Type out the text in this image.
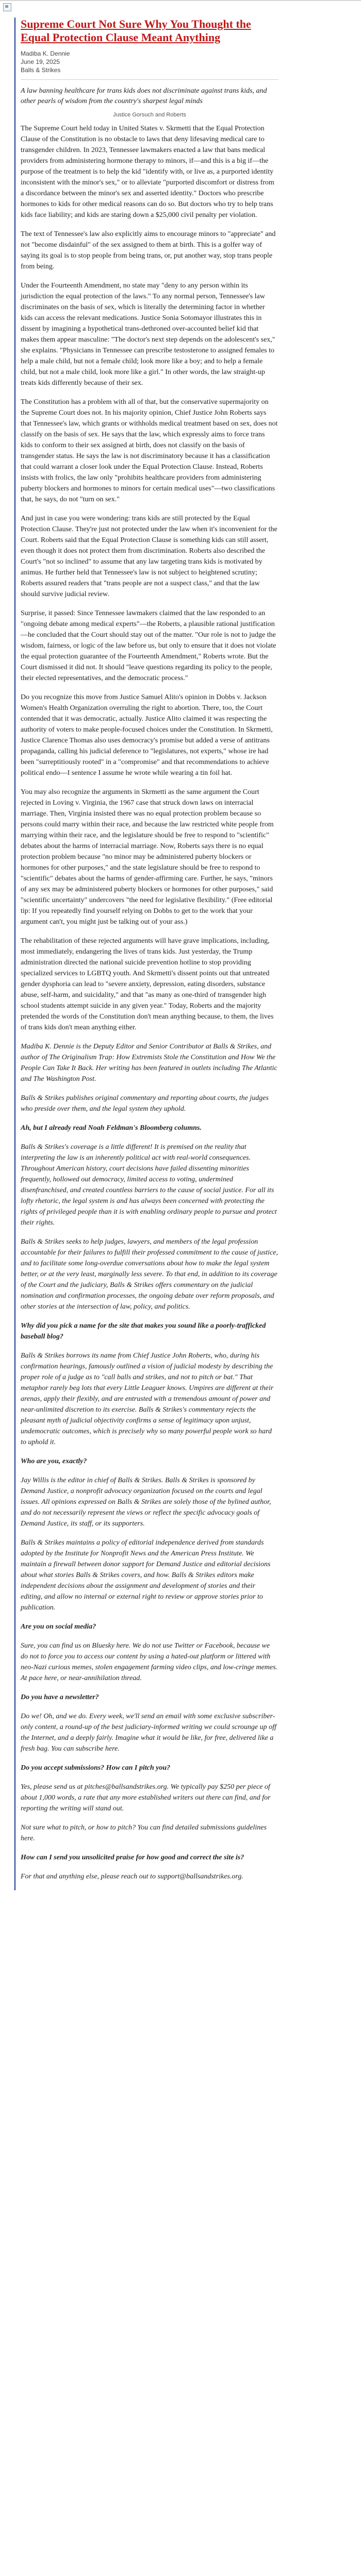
Supreme Court Not Sure Why You Thought the Equal Protection Clause Meant Anything
Madiba K. Dennie
June 19, 2025
Balls & Strikes

A law banning healthcare for trans kids does not discriminate against trans kids, and other pearls of wisdom from the country's sharpest legal minds

Justice Gorsuch and Roberts

The Supreme Court held today in United States v. Skrmetti that the Equal Protection Clause of the Constitution is no obstacle to laws that deny lifesaving medical care to transgender children. In 2023, Tennessee lawmakers enacted a law that bans medical providers from administering hormone therapy to minors, if—and this is a big if—the purpose of the treatment is to help the kid "identify with, or live as, a purported identity inconsistent with the minor's sex," or to alleviate "purported discomfort or distress from a discordance between the minor's sex and asserted identity." Doctors who prescribe hormones to kids for other medical reasons can do so. But doctors who try to help trans kids face liability; and kids are staring down a $25,000 civil penalty per violation.

The text of Tennessee's law also explicitly aims to encourage minors to "appreciate" and not "become disdainful" of the sex assigned to them at birth. This is a golfer way of saying its goal is to stop people from being trans, or, put another way, stop trans people from being.

Under the Fourteenth Amendment, no state may "deny to any person within its jurisdiction the equal protection of the laws." To any normal person, Tennessee's law discriminates on the basis of sex, which is literally the determining factor in whether kids can access the relevant medications. Justice Sonia Sotomayor illustrates this in dissent by imagining a hypothetical trans-dethroned over-accounted belief kid that makes them appear masculine: "The doctor's next step depends on the adolescent's sex," she explains. "Physicians in Tennessee can prescribe testosterone to assigned females to help a male child, but not a female child; look more like a boy; and to help a female child, but not a male child, look more like a girl." In other words, the law straight-up treats kids differently because of their sex.

The Constitution has a problem with all of that, but the conservative supermajority on the Supreme Court does not. In his majority opinion, Chief Justice John Roberts says that Tennessee's law, which grants or withholds medical treatment based on sex, does not classify on the basis of sex. He says that the law, which expressly aims to force trans kids to conform to their sex assigned at birth, does not classify on the basis of transgender status. He says the law is not discriminatory because it has a classification that could warrant a closer look under the Equal Protection Clause. Instead, Roberts insists with frolics, the law only "prohibits healthcare providers from administering puberty blockers and hormones to minors for certain medical uses"—two classifications that, he says, do not "turn on sex."

And just in case you were wondering: trans kids are still protected by the Equal Protection Clause. They're just not protected under the law when it's inconvenient for the Court. Roberts said that the Equal Protection Clause is something kids can still assert, even though it does not protect them from discrimination. Roberts also described the Court's "not so inclined" to assume that any law targeting trans kids is motivated by animus. He further held that Tennessee's law is not subject to heightened scrutiny; Roberts assured readers that "trans people are not a suspect class," and that the law should survive judicial review.

Surprise, it passed: Since Tennessee lawmakers claimed that the law responded to an "ongoing debate among medical experts"—the Roberts, a plausible rational justification—he concluded that the Court should stay out of the matter. "Our role is not to judge the wisdom, fairness, or logic of the law before us, but only to ensure that it does not violate the equal protection guarantee of the Fourteenth Amendment," Roberts wrote. But the Court dismissed it did not. It should "leave questions regarding its policy to the people, their elected representatives, and the democratic process."

Do you recognize this move from Justice Samuel Alito's opinion in Dobbs v. Jackson Women's Health Organization overruling the right to abortion. There, too, the Court contended that it was democratic, actually. Justice Alito claimed it was respecting the authority of voters to make people-focused choices under the Constitution. In Skrmetti, Justice Clarence Thomas also uses democracy's promise but added a verse of antitrans propaganda, calling his judicial deference to "legislatures, not experts," whose ire had been "surreptitiously rooted" in a "compromise" and that recommendations to achieve political endo—I sentence I assume he wrote while wearing a tin foil hat.

You may also recognize the arguments in Skrmetti as the same argument the Court rejected in Loving v. Virginia, the 1967 case that struck down laws on interracial marriage. Then, Virginia insisted there was no equal protection problem because so persons could marry within their race, and because the law restricted white people from marrying within their race, and the legislature should be free to respond to "scientific" debates about the harms of interracial marriage. Now, Roberts says there is no equal protection problem because "no minor may be administered puberty blockers or hormones for other purposes," and the state legislature should be free to respond to "scientific" debates about the harms of gender-affirming care. Further, he says, "minors of any sex may be administered puberty blockers or hormones for other purposes," said "scientific uncertainty" undercovers "the need for legislative flexibility." (Free editorial tip: If you repeatedly find yourself relying on Dobbs to get to the work that your argument can't, you might just be talking out of your ass.)

The rehabilitation of these rejected arguments will have grave implications, including, most immediately, endangering the lives of trans kids. Just yesterday, the Trump administration directed the national suicide prevention hotline to stop providing specialized services to LGBTQ youth. And Skrmetti's dissent points out that untreated gender dysphoria can lead to "severe anxiety, depression, eating disorders, substance abuse, self-harm, and suicidality," and that "as many as one-third of transgender high school students attempt suicide in any given year." Today, Roberts and the majority pretended the words of the Constitution don't mean anything because, to them, the lives of trans kids don't mean anything either.

Madiba K. Dennie is the Deputy Editor and Senior Contributor at Balls & Strikes, and author of The Originalism Trap: How Extremists Stole the Constitution and How We the People Can Take It Back. Her writing has been featured in outlets including The Atlantic and The Washington Post.

Balls & Strikes publishes original commentary and reporting about courts, the judges who preside over them, and the legal system they uphold.

Ah, but I already read Noah Feldman's Bloomberg columns.

Balls & Strikes's coverage is a little different! It is premised on the reality that interpreting the law is an inherently political act with real-world consequences. Throughout American history, court decisions have failed dissenting minorities frequently, hollowed out democracy, limited access to voting, undermined disenfranchised, and created countless barriers to the cause of social justice. For all its lofty rhetoric, the legal system is and has always been concerned with protecting the rights of privileged people than it is with enabling ordinary people to pursue and protect their rights.

Balls & Strikes seeks to help judges, lawyers, and members of the legal profession accountable for their failures to fulfill their professed commitment to the cause of justice, and to facilitate some long-overdue conversations about how to make the legal system better, or at the very least, marginally less severe. To that end, in addition to its coverage of the Court and the judiciary, Balls & Strikes offers commentary on the judicial nomination and confirmation processes, the ongoing debate over reform proposals, and other stories at the intersection of law, policy, and politics.

Why did you pick a name for the site that makes you sound like a poorly-trafficked baseball blog?

Balls & Strikes borrows its name from Chief Justice John Roberts, who, during his confirmation hearings, famously outlined a vision of judicial modesty by describing the proper role of a judge as to "call balls and strikes, and not to pitch or bat." That metaphor rarely beg lots that every Little Leaguer knows. Umpires are different at their arenas, apply their flexibly, and are entrusted with a tremendous amount of power and near-unlimited discretion to its exercise. Balls & Strikes's commentary rejects the pleasant myth of judicial objectivity confirms a sense of legitimacy upon unjust, undemocratic outcomes, which is precisely why so many powerful people work so hard to uphold it.

Who are you, exactly?

Jay Willis is the editor in chief of Balls & Strikes. Balls & Strikes is sponsored by Demand Justice, a nonprofit advocacy organization focused on the courts and legal issues. All opinions expressed on Balls & Strikes are solely those of the bylined author, and do not necessarily represent the views or reflect the specific advocacy goals of Demand Justice, its staff, or its supporters.

Balls & Strikes maintains a policy of editorial independence derived from standards adopted by the Institute for Nonprofit News and the American Press Institute. We maintain a firewall between donor support for Demand Justice and editorial decisions about what stories Balls & Strikes covers, and how. Balls & Strikes editors make independent decisions about the assignment and development of stories and their editing, and allow no internal or external right to review or approve stories prior to publication.

Are you on social media?

Sure, you can find us on Bluesky here. We do not use Twitter or Facebook, because we do not to force you to access our content by using a hated-out platform or littered with neo-Nazi curious memes, stolen engagement farming video clips, and low-cringe memes. At pace here, or near-annihilation thread.

Do you have a newsletter?

Do we! Oh, and we do. Every week, we'll send an email with some exclusive subscriber-only content, a round-up of the best judiciary-informed writing we could scrounge up off the Internet, and a deeply fairly. Imagine what it would be like, for free, delivered like a fresh bag. You can subscribe here.

Do you accept submissions? How can I pitch you?

Yes, please send us at pitches@ballsandstrikes.org. We typically pay $250 per piece of about 1,000 words, a rate that any more established writers out there can find, and for reporting the writing will stand out.

Not sure what to pitch, or how to pitch? You can find detailed submissions guidelines here.

How can I send you unsolicited praise for how good and correct the site is?

For that and anything else, please reach out to support@ballsandstrikes.org.
